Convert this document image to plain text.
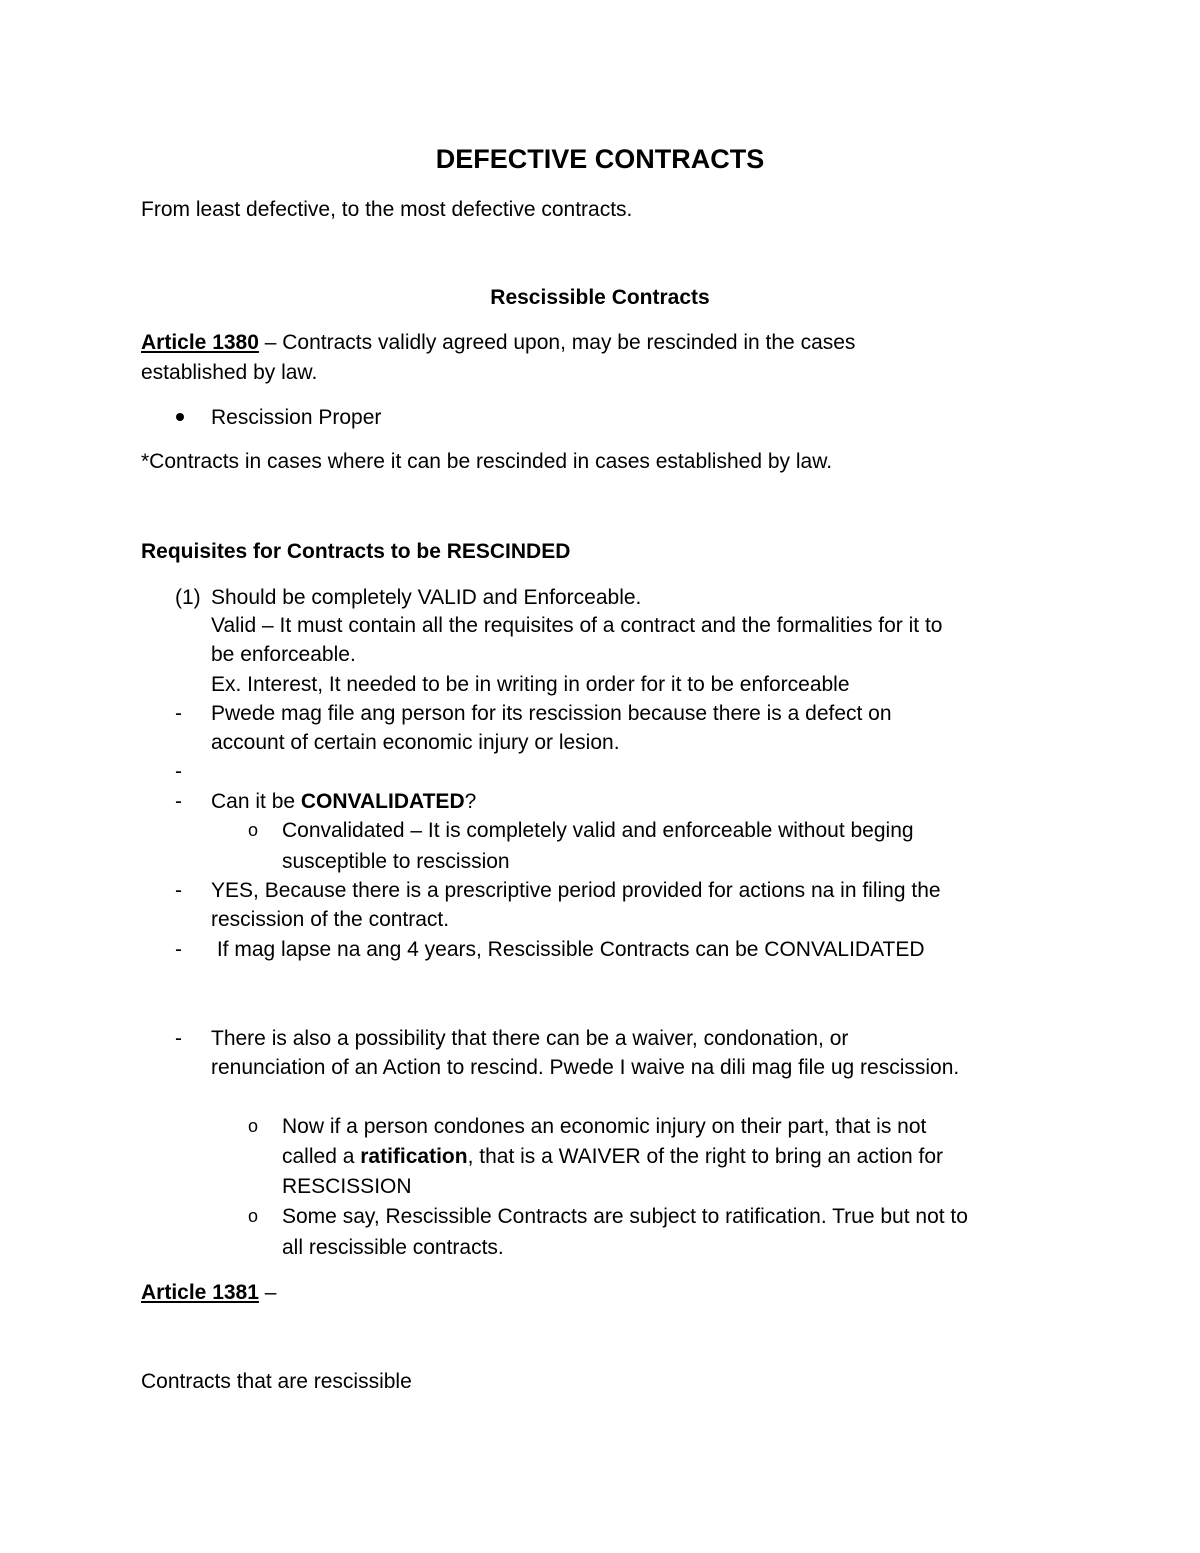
DEFECTIVE CONTRACTS
From least defective, to the most defective contracts.
Rescissible Contracts
Article 1380 – Contracts validly agreed upon, may be rescinded in the cases
established by law.
Rescission Proper
*Contracts in cases where it can be rescinded in cases established by law.
Requisites for Contracts to be RESCINDED
(1) Should be completely VALID and Enforceable.
Valid – It must contain all the requisites of a contract and the formalities for it to
be enforceable.
Ex. Interest, It needed to be in writing in order for it to be enforceable
- Pwede mag file ang person for its rescission because there is a defect on
account of certain economic injury or lesion.
-
- Can it be CONVALIDATED?
o Convalidated – It is completely valid and enforceable without beging
susceptible to rescission
- YES, Because there is a prescriptive period provided for actions na in filing the
rescission of the contract.
- If mag lapse na ang 4 years, Rescissible Contracts can be CONVALIDATED
- There is also a possibility that there can be a waiver, condonation, or
renunciation of an Action to rescind. Pwede I waive na dili mag file ug rescission.
o Now if a person condones an economic injury on their part, that is not
called a ratification, that is a WAIVER of the right to bring an action for
RESCISSION
o Some say, Rescissible Contracts are subject to ratification. True but not to
all rescissible contracts.
Article 1381 –
Contracts that are rescissible
